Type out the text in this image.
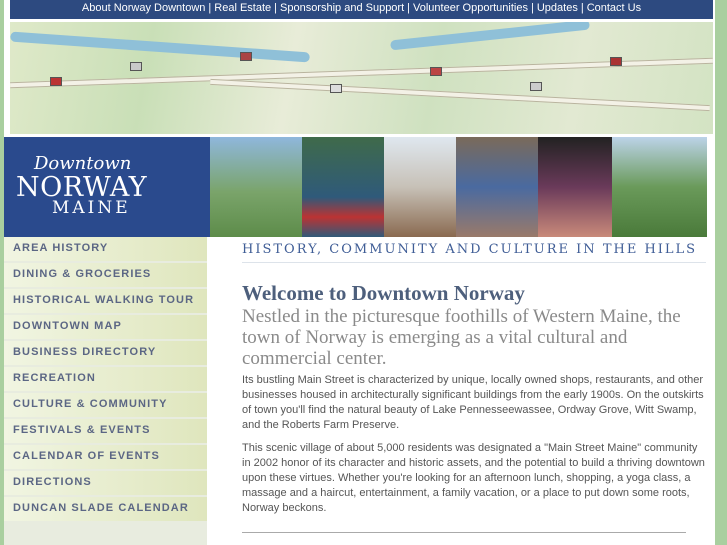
About Norway Downtown | Real Estate | Sponsorship and Support | Volunteer Opportunities | Updates | Contact Us
Downtown
NORWAY
MAINE
AREA HISTORY
DINING & GROCERIES
HISTORICAL WALKING TOUR
DOWNTOWN MAP
BUSINESS DIRECTORY
RECREATION
CULTURE & COMMUNITY
FESTIVALS & EVENTS
CALENDAR OF EVENTS
DIRECTIONS
DUNCAN SLADE CALENDAR
HISTORY, COMMUNITY AND CULTURE IN THE HILLS
Welcome to Downtown Norway

Nestled in the picturesque foothills of Western Maine, the town of Norway is emerging as a vital cultural and commercial center.

Its bustling Main Street is characterized by unique, locally owned shops, restaurants, and other businesses housed in architecturally significant buildings from the early 1900s. On the outskirts of town you'll find the natural beauty of Lake Pennesseewassee, Ordway Grove, Witt Swamp, and the Roberts Farm Preserve.

This scenic village of about 5,000 residents was designated a "Main Street Maine" community in 2002 honor of its character and historic assets, and the potential to build a thriving downtown upon these virtues. Whether you're looking for an afternoon lunch, shopping, a yoga class, a massage and a haircut, entertainment, a family vacation, or a place to put down some roots, Norway beckons.
